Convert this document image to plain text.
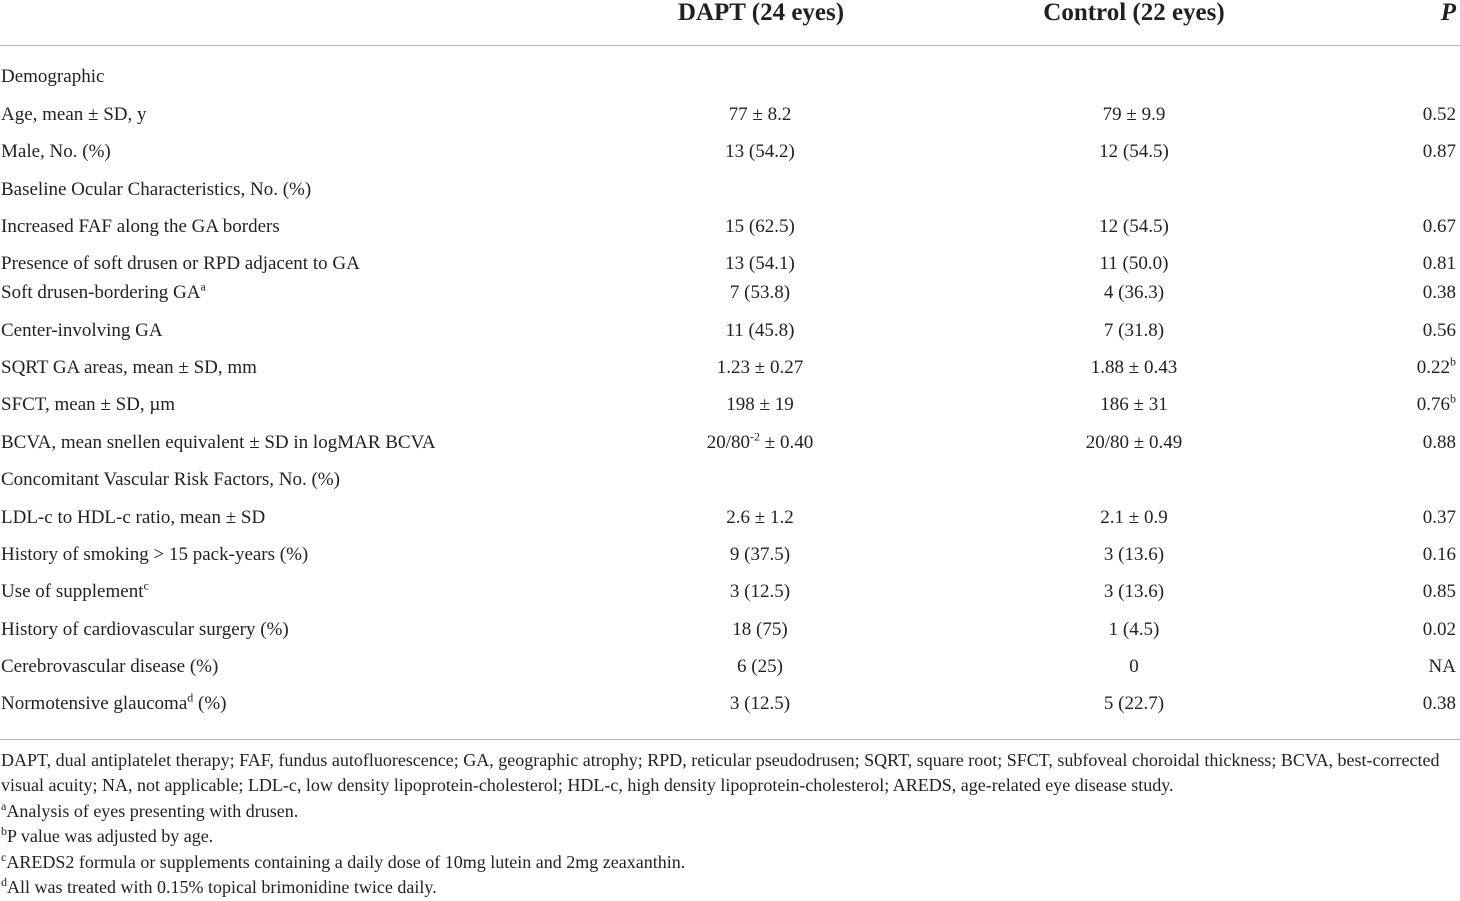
DAPT (24 eyes)	Control (22 eyes)	P
Demographic
Age, mean ± SD, y	77 ± 8.2	79 ± 9.9	0.52
Male, No. (%)	13 (54.2)	12 (54.5)	0.87
Baseline Ocular Characteristics, No. (%)
Increased FAF along the GA borders	15 (62.5)	12 (54.5)	0.67
Presence of soft drusen or RPD adjacent to GA	13 (54.1)	11 (50.0)	0.81
Soft drusen-bordering $GA^a$	7 (53.8)	4 (36.3)	0.38
Center-involving GA	11 (45.8)	7 (31.8)	0.56
SQRT GA areas, mean ± SD, mm	1.23 ± 0.27	1.88 ± 0.43	0.22$^b$
SFCT, mean ± SD, µm	198 ± 19	186 ± 31	0.76$^b$
BCVA, mean snellen equivalent ± SD in logMAR BCVA	$20/80^{-2} \pm 0.40$	20/80 ± 0.49	0.88
Concomitant Vascular Risk Factors, No. (%)
LDL-c to HDL-c ratio, mean ± SD	2.6 ± 1.2	2.1 ± 0.9	0.37
History of smoking > 15 pack-years (%)	9 (37.5)	3 (13.6)	0.16
Use of supplement$^c$	3 (12.5)	3 (13.6)	0.85
History of cardiovascular surgery (%)	18 (75)	1 (4.5)	0.02
Cerebrovascular disease (%)	6 (25)	0	NA
Normotensive glaucoma$^d$ (%)	3 (12.5)	5 (22.7)	0.38
DAPT, dual antiplatelet therapy; FAF, fundus autofluorescence; GA, geographic atrophy; RPD, reticular pseudodrusen; SQRT, square root; SFCT, subfoveal choroidal thickness; BCVA, best-corrected visual acuity; NA, not applicable; LDL-c, low density lipoprotein-cholesterol; HDL-c, high density lipoprotein-cholesterol; AREDS, age-related eye disease study.
$^a$Analysis of eyes presenting with drusen.
$^b$P value was adjusted by age.
$^c$AREDS2 formula or supplements containing a daily dose of 10mg lutein and 2mg zeaxanthin.
$^d$All was treated with 0.15% topical brimonidine twice daily.
